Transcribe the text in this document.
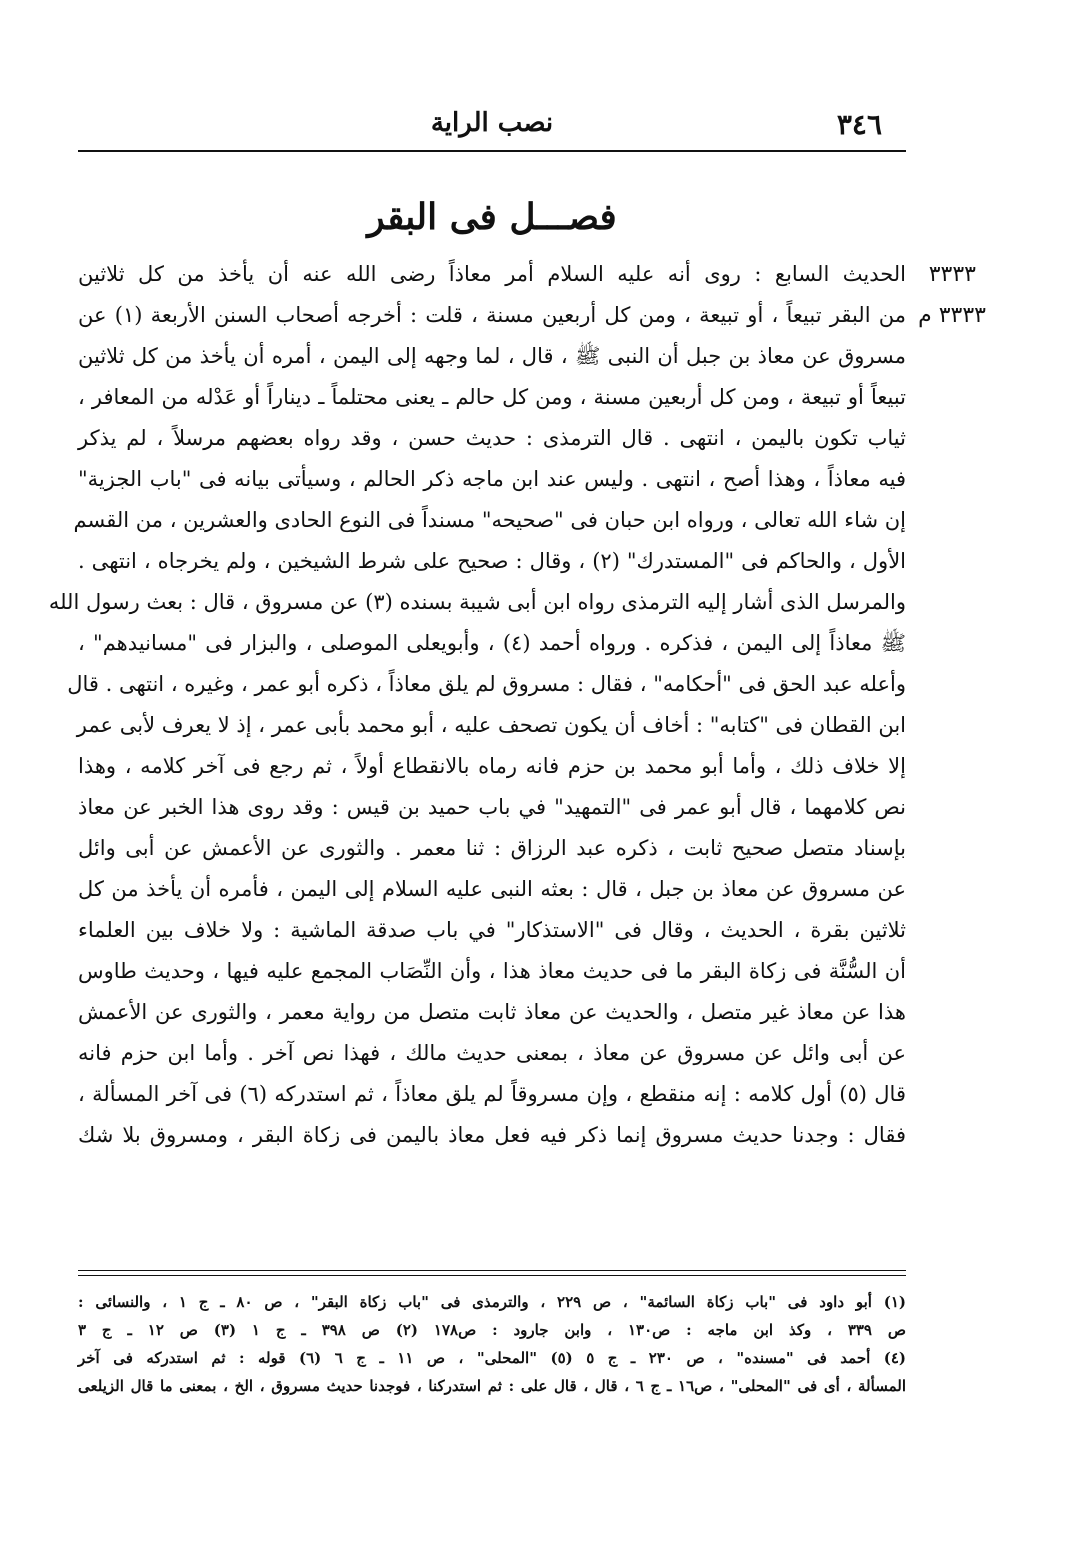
٣٤٦
نصب الراية
فصـــل فى البقر
٣٣٣٣
الحديث السابع : روى أنه عليه السلام أمر معاذاً رضى الله عنه أن يأخذ من كل ثلاثين
٣٣٣٣ م
من البقر تبيعاً ، أو تبيعة ، ومن كل أربعين مسنة ، قلت : أخرجه أصحاب السنن الأربعة (١) عن
مسروق عن معاذ بن جبل أن النبى ﷺ ، قال ، لما وجهه إلى اليمن ، أمره أن يأخذ من كل ثلاثين
تبيعاً أو تبيعة ، ومن كل أربعين مسنة ، ومن كل حالم ـ يعنى محتلماً ـ ديناراً أو عَدْله من المعافر ،
ثياب تكون باليمن ، انتهى . قال الترمذى : حديث حسن ، وقد رواه بعضهم مرسلاً ، لم يذكر
فيه معاذاً ، وهذا أصح ، انتهى . وليس عند ابن ماجه ذكر الحالم ، وسيأتى بيانه فى "باب الجزية"
إن شاء الله تعالى ، ورواه ابن حبان فى "صحيحه" مسنداً فى النوع الحادى والعشرين ، من القسم
الأول ، والحاكم فى "المستدرك" (٢) ، وقال : صحيح على شرط الشيخين ، ولم يخرجاه ، انتهى .
والمرسل الذى أشار إليه الترمذى رواه ابن أبى شيبة بسنده (٣) عن مسروق ، قال : بعث رسول الله
ﷺ معاذاً إلى اليمن ، فذكره . ورواه أحمد (٤) ، وأبويعلى الموصلى ، والبزار فى "مسانيدهم" ،
وأعله عبد الحق فى "أحكامه" ، فقال : مسروق لم يلق معاذاً ، ذكره أبو عمر ، وغيره ، انتهى . قال
ابن القطان فى "كتابه" : أخاف أن يكون تصحف عليه ، أبو محمد بأبى عمر ، إذ لا يعرف لأبى عمر
إلا خلاف ذلك ، وأما أبو محمد بن حزم فانه رماه بالانقطاع أولاً ، ثم رجع فى آخر كلامه ، وهذا
نص كلامهما ، قال أبو عمر فى "التمهيد" في باب حميد بن قيس : وقد روى هذا الخبر عن معاذ
بإسناد متصل صحيح ثابت ، ذكره عبد الرزاق : ثنا معمر . والثورى عن الأعمش عن أبى وائل
عن مسروق عن معاذ بن جبل ، قال : بعثه النبى عليه السلام إلى اليمن ، فأمره أن يأخذ من كل
ثلاثين بقرة ، الحديث ، وقال فى "الاستذكار" في باب صدقة الماشية : ولا خلاف بين العلماء
أن السُّنَّة فى زكاة البقر ما فى حديث معاذ هذا ، وأن النِّصَاب المجمع عليه فيها ، وحديث طاوس
هذا عن معاذ غير متصل ، والحديث عن معاذ ثابت متصل من رواية معمر ، والثورى عن الأعمش
عن أبى وائل عن مسروق عن معاذ ، بمعنى حديث مالك ، فهذا نص آخر . وأما ابن حزم فانه
قال (٥) أول كلامه : إنه منقطع ، وإن مسروقاً لم يلق معاذاً ، ثم استدركه (٦) فى آخر المسألة ،
فقال : وجدنا حديث مسروق إنما ذكر فيه فعل معاذ باليمن فى زكاة البقر ، ومسروق بلا شك
(١) أبو داود فى "باب زكاة السائمة" ، ص ٢٢٩ ، والترمذى فى "باب زكاة البقر" ، ص ٨٠ ـ ج ١ ، والنسائى :
ص ٣٣٩ ، وكذ ابن ماجه : ص١٣٠ ، وابن جارود : ص١٧٨ (٢) ص ٣٩٨ ـ ج ١ (٣) ص ١٢ ـ ج ٣
(٤) أحمد فى "مسنده" ، ص ٢٣٠ ـ ج ٥ (٥) "المحلى" ، ص ١١ ـ ج ٦ (٦) قوله : ثم استدركه فى آخر
المسألة ، أى فى "المحلى" ، ص١٦ ـ ج ٦ ، قال ، قال على : ثم استدركنا ، فوجدنا حديث مسروق ، الخ ، بمعنى ما قال الزيلعى
